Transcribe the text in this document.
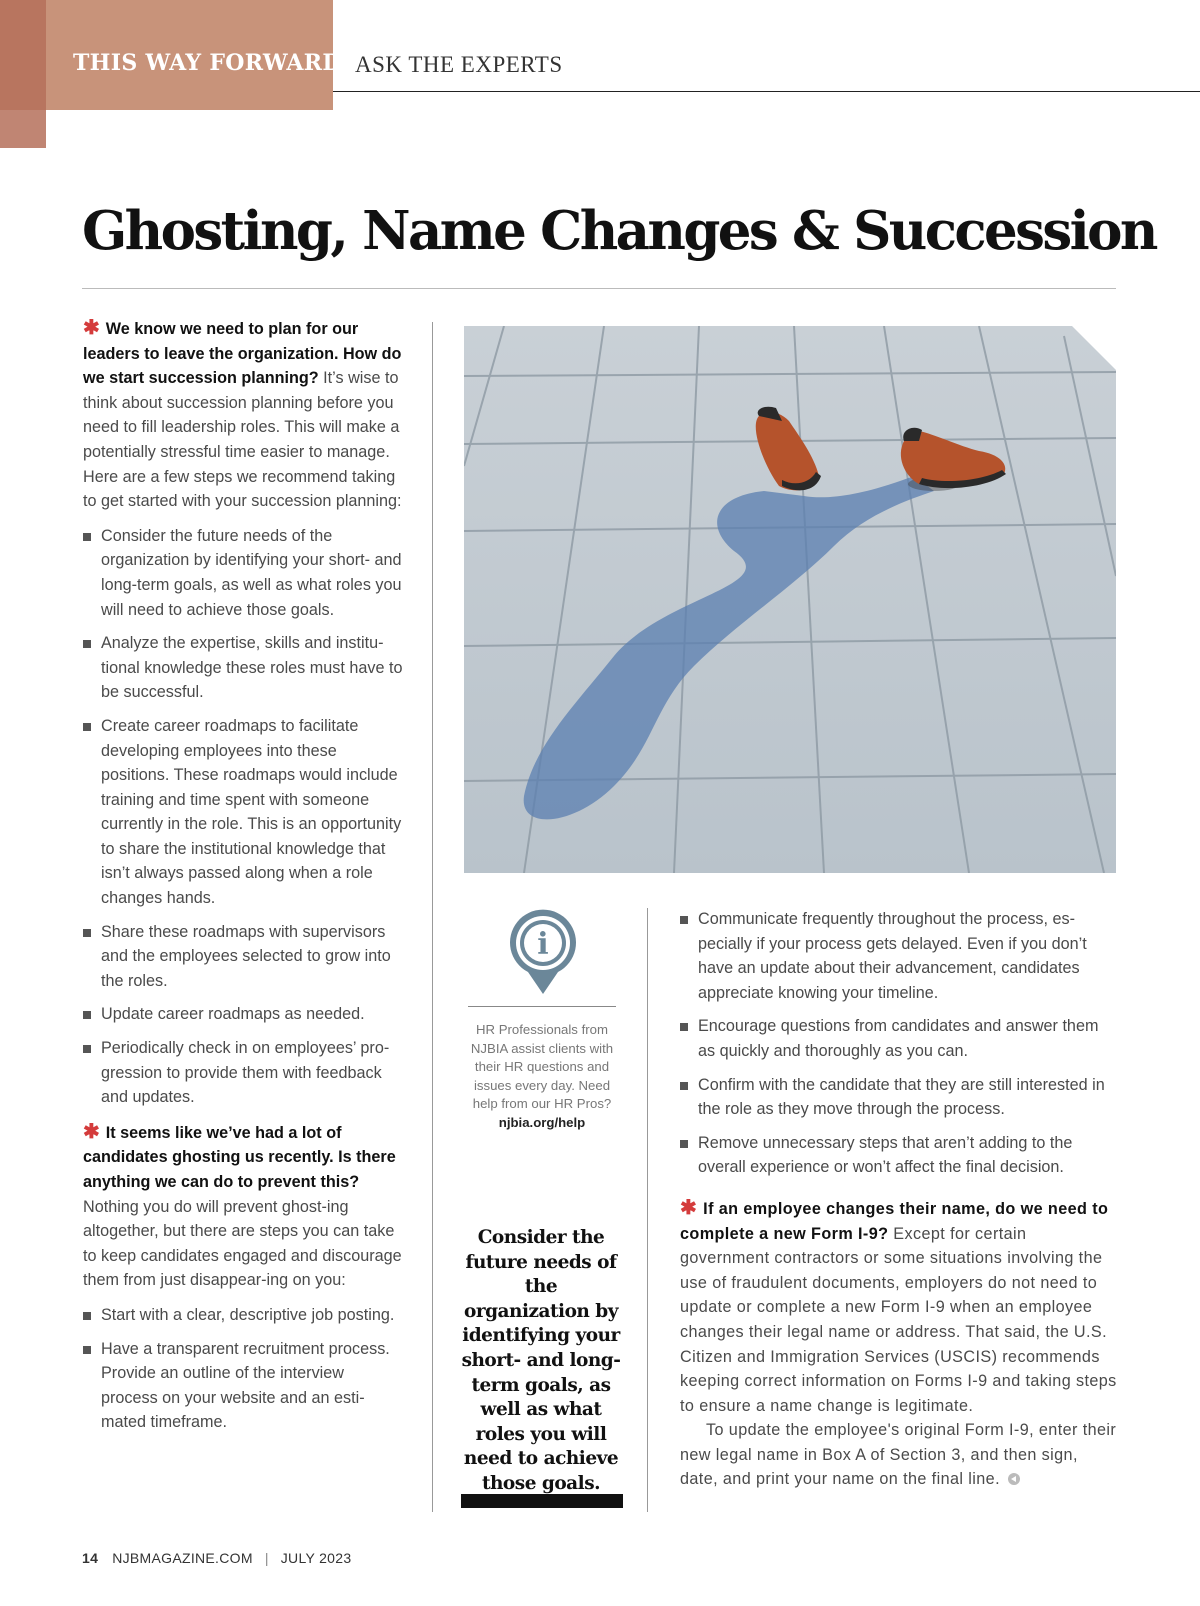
THIS WAY FORWARD ASK THE EXPERTS
Ghosting, Name Changes & Succession

✱ We know we need to plan for our leaders to leave the organization. How do we start succession planning? It’s wise to think about succession planning before you need to fill leadership roles. This will make a potentially stressful time easier to manage. Here are a few steps we recommend taking to get started with your succession planning:

Consider the future needs of the organization by identifying your short- and long-term goals, as well as what roles you will need to achieve those goals.
Analyze the expertise, skills and institu-tional knowledge these roles must have to be successful.
Create career roadmaps to facilitate developing employees into these positions. These roadmaps would include training and time spent with someone currently in the role. This is an opportunity to share the institutional knowledge that isn’t always passed along when a role changes hands.
Share these roadmaps with supervisors and the employees selected to grow into the roles.
Update career roadmaps as needed.
Periodically check in on employees’ pro-gression to provide them with feedback and updates.

✱ It seems like we’ve had a lot of candidates ghosting us recently. Is there anything we can do to prevent this? Nothing you do will prevent ghost-ing altogether, but there are steps you can take to keep candidates engaged and discourage them from just disappear-ing on you:

Start with a clear, descriptive job posting.
Have a transparent recruitment process. Provide an outline of the interview process on your website and an esti-mated timeframe.
i
HR Professionals from NJBIA assist clients with their HR questions and issues every day. Need help from our HR Pros?
njbia.org/help
Consider the future needs of the organization by identifying your short- and long-term goals, as well as what roles you will need to achieve those goals.
Communicate frequently throughout the process, es-pecially if your process gets delayed. Even if you don’t have an update about their advancement, candidates appreciate knowing your timeline.
Encourage questions from candidates and answer them as quickly and thoroughly as you can.
Confirm with the candidate that they are still interested in the role as they move through the process.
Remove unnecessary steps that aren’t adding to the overall experience or won’t affect the final decision.

✱ If an employee changes their name, do we need to complete a new Form I-9? Except for certain government contractors or some situations involving the use of fraudulent documents, employers do not need to update or complete a new Form I-9 when an employee changes their legal name or address. That said, the U.S. Citizen and Immigration Services (USCIS) recommends keeping correct information on Forms I-9 and taking steps to ensure a name change is legitimate.

To update the employee's original Form I-9, enter their new legal name in Box A of Section 3, and then sign, date, and print your name on the final line.

14 NJBMAGAZINE.COM | JULY 2023
